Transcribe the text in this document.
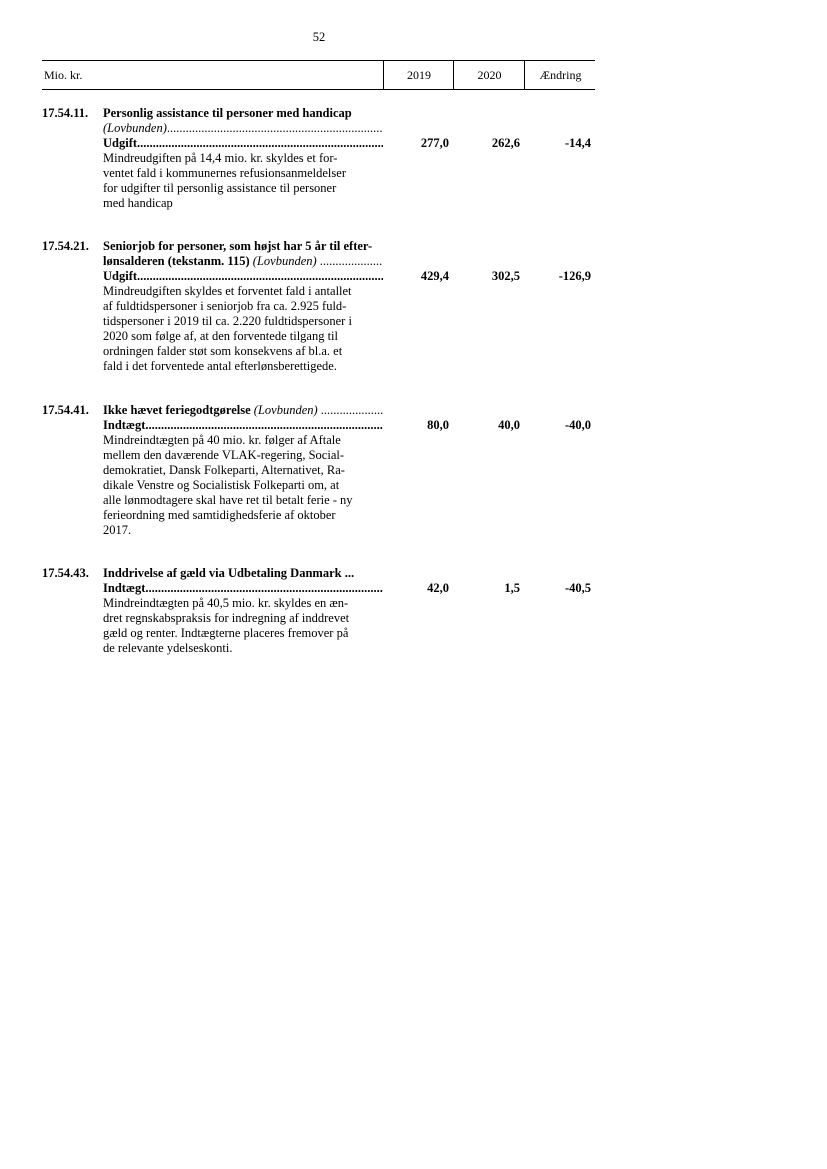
52
Mio. kr.	2019	2020	Ændring
17.54.11. Personlig assistance til personer med handicap
(Lovbunden)
.....
Udgift
.....
Mindreudgiften på 14,4 mio. kr. skyldes et for-
ventet fald i kommunernes refusionsanmeldelser
for udgifter til personlig assistance til personer
med handicap
277,0	262,6	-14,4
17.54.21. Seniorjob for personer, som højst har 5 år til efter-
lønsalderen (tekstanm. 115)
(Lovbunden)

.....
Udgift
.....
Mindreudgiften skyldes et forventet fald i antallet
af fuldtidspersoner i seniorjob fra ca. 2.925 fuld-
tidspersoner i 2019 til ca. 2.220 fuldtidspersoner i
2020 som følge af, at den forventede tilgang til
ordningen falder støt som konsekvens af bl.a. et
fald i det forventede antal efterlønsberettigede.
429,4	302,5	-126,9
17.54.41. Ikke hævet feriegodtgørelse
(Lovbunden)

.....
Indtægt
.....
Mindreindtægten på 40 mio. kr. følger af Aftale
mellem den daværende VLAK-regering, Social-
demokratiet, Dansk Folkeparti, Alternativet, Ra-
dikale Venstre og Socialistisk Folkeparti om, at
alle lønmodtagere skal have ret til betalt ferie - ny
ferieordning med samtidighedsferie af oktober
2017.
80,0	40,0	-40,0
17.54.43. Inddrivelse af gæld via Udbetaling Danmark
...
Indtægt
.....
Mindreindtægten på 40,5 mio. kr. skyldes en æn-
dret regnskabspraksis for indregning af inddrevet
gæld og renter. Indtægterne placeres fremover på
de relevante ydelseskonti.
42,0	1,5	-40,5
